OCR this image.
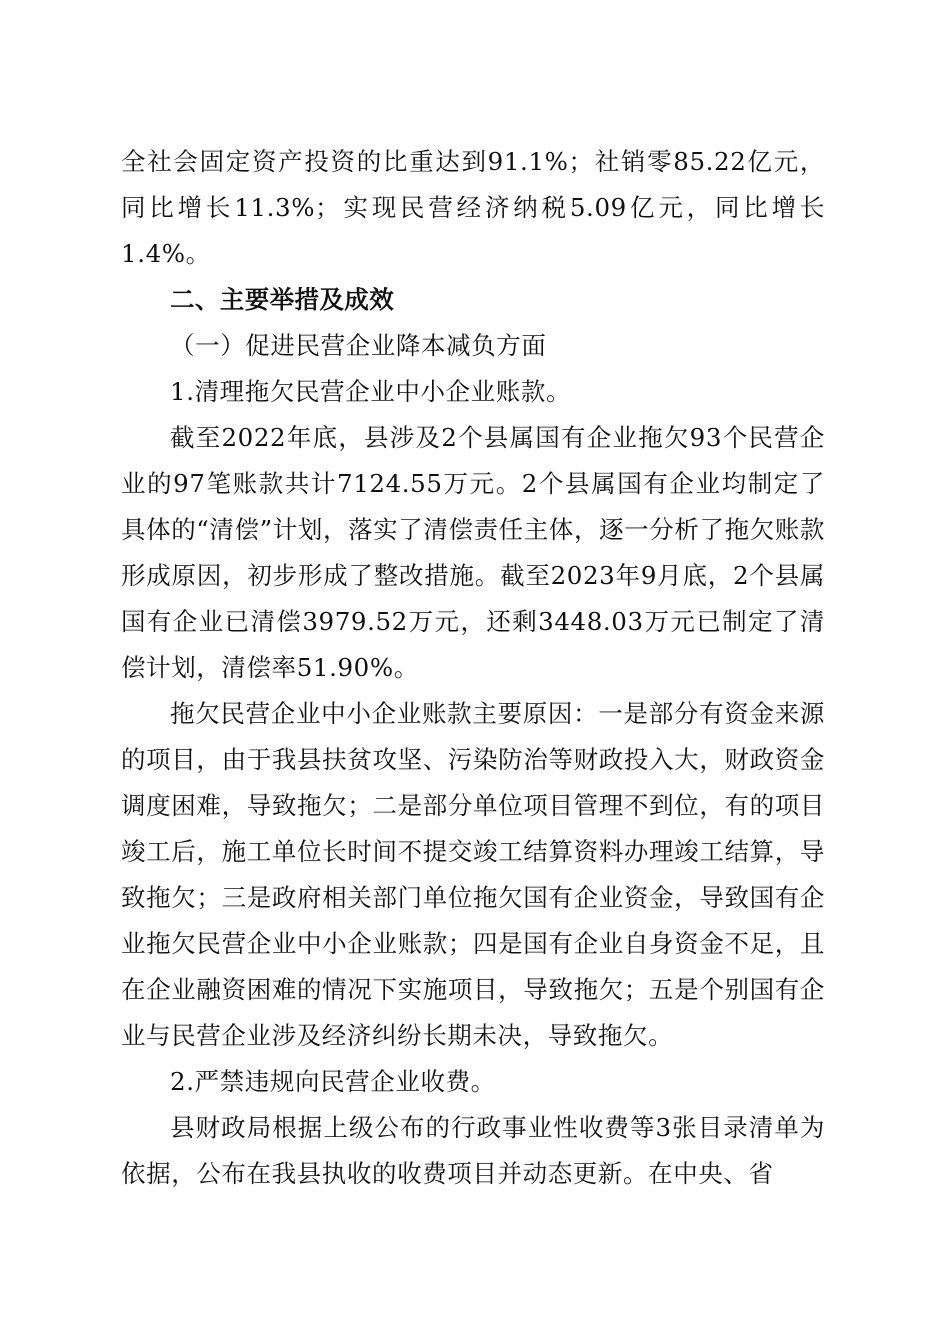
全社会固定资产投资的比重达到91.1%；社销零85.22亿元，同比增长11.3%；实现民营经济纳税5.09亿元，同比增长1.4%。

二、主要举措及成效

（一）促进民营企业降本减负方面

1.清理拖欠民营企业中小企业账款。

截至2022年底，县涉及2个县属国有企业拖欠93个民营企业的97笔账款共计7124.55万元。2个县属国有企业均制定了具体的“清偿”计划，落实了清偿责任主体，逐一分析了拖欠账款形成原因，初步形成了整改措施。截至2023年9月底，2个县属国有企业已清偿3979.52万元，还剩3448.03万元已制定了清偿计划，清偿率51.90%。

拖欠民营企业中小企业账款主要原因：一是部分有资金来源的项目，由于我县扶贫攻坚、污染防治等财政投入大，财政资金调度困难，导致拖欠；二是部分单位项目管理不到位，有的项目竣工后，施工单位长时间不提交竣工结算资料办理竣工结算，导致拖欠；三是政府相关部门单位拖欠国有企业资金，导致国有企业拖欠民营企业中小企业账款；四是国有企业自身资金不足，且在企业融资困难的情况下实施项目，导致拖欠；五是个别国有企业与民营企业涉及经济纠纷长期未决，导致拖欠。

2.严禁违规向民营企业收费。

县财政局根据上级公布的行政事业性收费等3张目录清单为依据，公布在我县执收的收费项目并动态更新。在中央、省
